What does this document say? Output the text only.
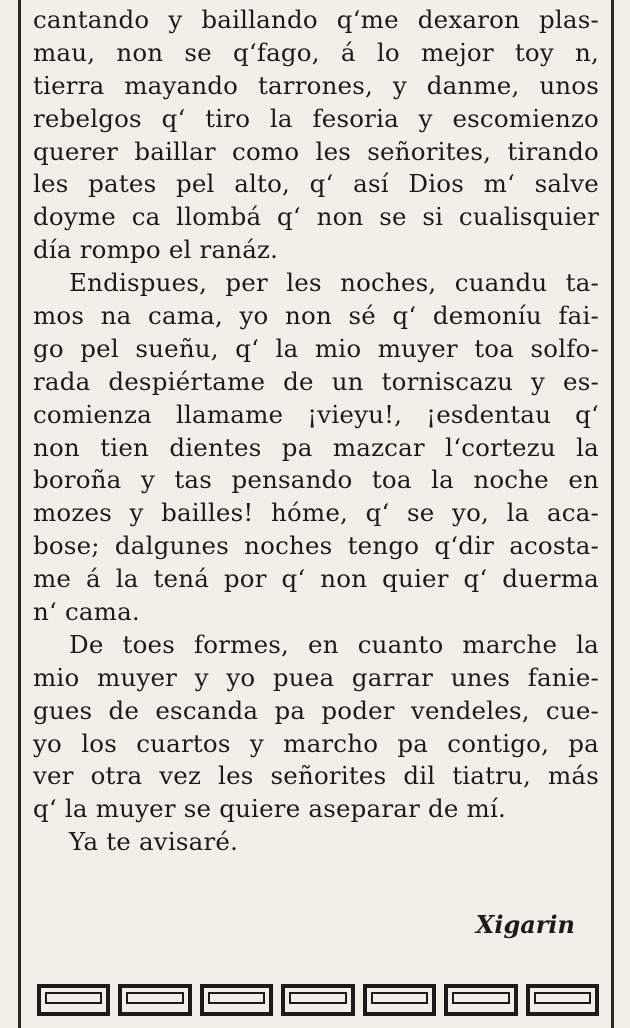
cantando y baillando q‘me dexaron plas-
mau, non se q‘fago, á lo mejor toy n,
tierra mayando tarrones, y danme, unos
rebelgos q‘ tiro la fesoria y escomienzo
querer baillar como les señorites, tirando
les pates pel alto, q‘ así Dios m‘ salve
doyme ca llombá q‘ non se si cualisquier
día rompo el ranáz.
Endispues, per les noches, cuandu ta-
mos na cama, yo non sé q‘ demoníu fai-
go pel sueñu, q‘ la mio muyer toa solfo-
rada despiértame de un torniscazu y es-
comienza llamame ¡vieyu!, ¡esdentau q‘
non tien dientes pa mazcar l‘cortezu la
boroña y tas pensando toa la noche en
mozes y bailles! hóme, q‘ se yo, la aca-
bose; dalgunes noches tengo q‘dir acosta-
me á la tená por q‘ non quier q‘ duerma
n‘ cama.
De toes formes, en cuanto marche la
mio muyer y yo puea garrar unes fanie-
gues de escanda pa poder vendeles, cue-
yo los cuartos y marcho pa contigo, pa
ver otra vez les señorites dil tiatru, más
q‘ la muyer se quiere aseparar de mí.
Ya te avisaré.
Xigarin
